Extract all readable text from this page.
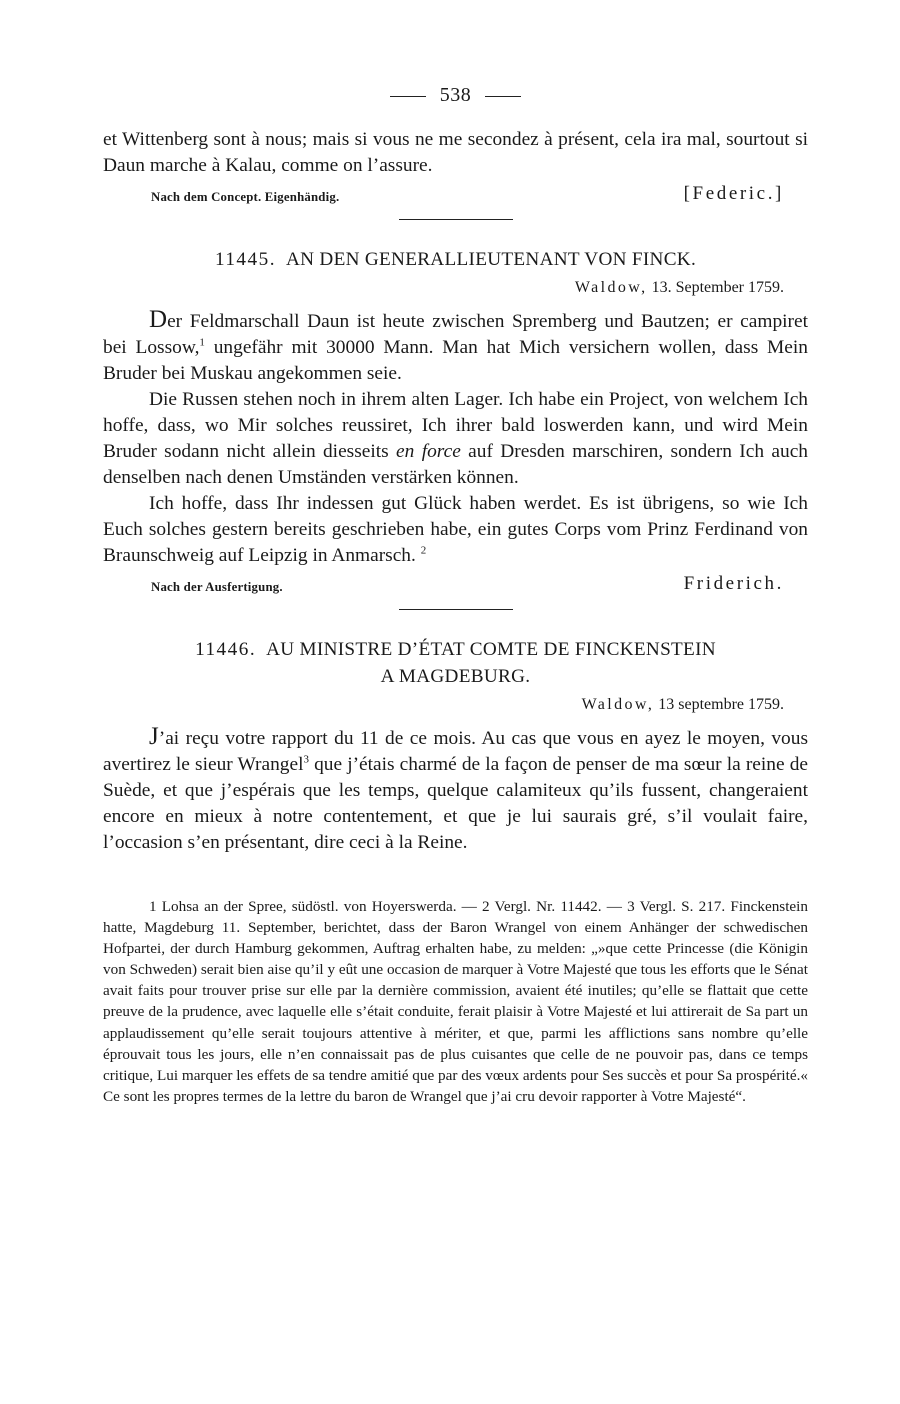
538

et Wittenberg sont à nous; mais si vous ne me secondez à présent, cela ira mal, sourtout si Daun marche à Kalau, comme on l’assure.

Nach dem Concept. Eigenhändig.	[Federic.]
11445. AN DEN GENERALLIEUTENANT VON FINCK.
Waldow, 13. September 1759.

Der Feldmarschall Daun ist heute zwischen Spremberg und Bautzen; er campiret bei Lossow,$^1$ ungefähr mit 30000 Mann. Man hat Mich versichern wollen, dass Mein Bruder bei Muskau angekommen seie.

Die Russen stehen noch in ihrem alten Lager. Ich habe ein Project, von welchem Ich hoffe, dass, wo Mir solches reussiret, Ich ihrer bald loswerden kann, und wird Mein Bruder sodann nicht allein diesseits en force auf Dresden marschiren, sondern Ich auch denselben nach denen Umständen verstärken können.

Ich hoffe, dass Ihr indessen gut Glück haben werdet. Es ist übrigens, so wie Ich Euch solches gestern bereits geschrieben habe, ein gutes Corps vom Prinz Ferdinand von Braunschweig auf Leipzig in Anmarsch. $^2$

Nach der Ausfertigung.	Friderich.
11446. AU MINISTRE D’ÉTAT COMTE DE FINCKENSTEIN
A MAGDEBURG.
Waldow, 13 septembre 1759.

J’ai reçu votre rapport du 11 de ce mois. Au cas que vous en ayez le moyen, vous avertirez le sieur Wrangel$^3$ que j’étais charmé de la façon de penser de ma sœur la reine de Suède, et que j’espérais que les temps, quelque calamiteux qu’ils fussent, changeraient encore en mieux à notre contentement, et que je lui saurais gré, s’il voulait faire, l’occasion s’en présentant, dire ceci à la Reine.

1 Lohsa an der Spree, südöstl. von Hoyerswerda. — 2 Vergl. Nr. 11442. — 3 Vergl. S. 217. Finckenstein hatte, Magdeburg 11. September, berichtet, dass der Baron Wrangel von einem Anhänger der schwedischen Hofpartei, der durch Hamburg gekommen, Auftrag erhalten habe, zu melden: „»que cette Princesse (die Königin von Schweden) serait bien aise qu’il y eût une occasion de marquer à Votre Majesté que tous les efforts que le Sénat avait faits pour trouver prise sur elle par la dernière commission, avaient été inutiles; qu’elle se flattait que cette preuve de la prudence, avec laquelle elle s’était conduite, ferait plaisir à Votre Majesté et lui attirerait de Sa part un applaudissement qu’elle serait toujours attentive à mériter, et que, parmi les afflictions sans nombre qu’elle éprouvait tous les jours, elle n’en connaissait pas de plus cuisantes que celle de ne pouvoir pas, dans ce temps critique, Lui marquer les effets de sa tendre amitié que par des vœux ardents pour Ses succès et pour Sa prospérité.« Ce sont les propres termes de la lettre du baron de Wrangel que j’ai cru devoir rapporter à Votre Majesté“.
